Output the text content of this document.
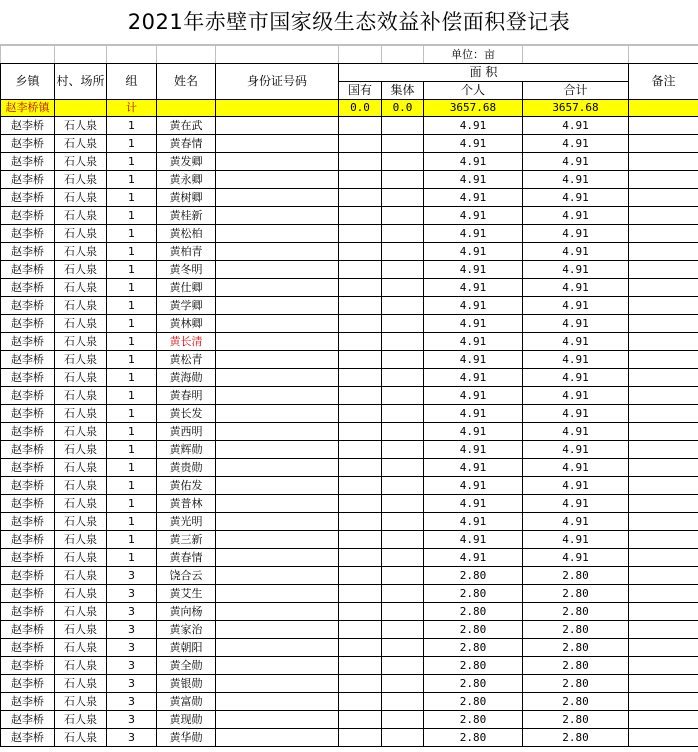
2021年赤壁市国家级生态效益补偿面积登记表
							单位：亩		
乡镇	村、场所	组	姓名	身份证号码	面 积				备注
					国有	集体	个人	合计	
赵李桥镇		计			0.0	0.0	3657.68	3657.68	
赵李桥	石人泉	1	黄在武				4.91	4.91	
赵李桥	石人泉	1	黄春情				4.91	4.91	
赵李桥	石人泉	1	黄发卿				4.91	4.91	
赵李桥	石人泉	1	黄永卿				4.91	4.91	
赵李桥	石人泉	1	黄树卿				4.91	4.91	
赵李桥	石人泉	1	黄桂新				4.91	4.91	
赵李桥	石人泉	1	黄松柏				4.91	4.91	
赵李桥	石人泉	1	黄柏青				4.91	4.91	
赵李桥	石人泉	1	黄冬明				4.91	4.91	
赵李桥	石人泉	1	黄仕卿				4.91	4.91	
赵李桥	石人泉	1	黄学卿				4.91	4.91	
赵李桥	石人泉	1	黄林卿				4.91	4.91	
赵李桥	石人泉	1	黄长清				4.91	4.91	
赵李桥	石人泉	1	黄松青				4.91	4.91	
赵李桥	石人泉	1	黄海勋				4.91	4.91	
赵李桥	石人泉	1	黄春明				4.91	4.91	
赵李桥	石人泉	1	黄长发				4.91	4.91	
赵李桥	石人泉	1	黄西明				4.91	4.91	
赵李桥	石人泉	1	黄辉勋				4.91	4.91	
赵李桥	石人泉	1	黄贵勋				4.91	4.91	
赵李桥	石人泉	1	黄佑发				4.91	4.91	
赵李桥	石人泉	1	黄普林				4.91	4.91	
赵李桥	石人泉	1	黄光明				4.91	4.91	
赵李桥	石人泉	1	黄三新				4.91	4.91	
赵李桥	石人泉	1	黄春情				4.91	4.91	
赵李桥	石人泉	3	饶合云				2.80	2.80	
赵李桥	石人泉	3	黄艾生				2.80	2.80	
赵李桥	石人泉	3	黄向杨				2.80	2.80	
赵李桥	石人泉	3	黄家治				2.80	2.80	
赵李桥	石人泉	3	黄朝阳				2.80	2.80	
赵李桥	石人泉	3	黄全勋				2.80	2.80	
赵李桥	石人泉	3	黄银勋				2.80	2.80	
赵李桥	石人泉	3	黄富勋				2.80	2.80	
赵李桥	石人泉	3	黄现勋				2.80	2.80	
赵李桥	石人泉	3	黄华勋				2.80	2.80	
